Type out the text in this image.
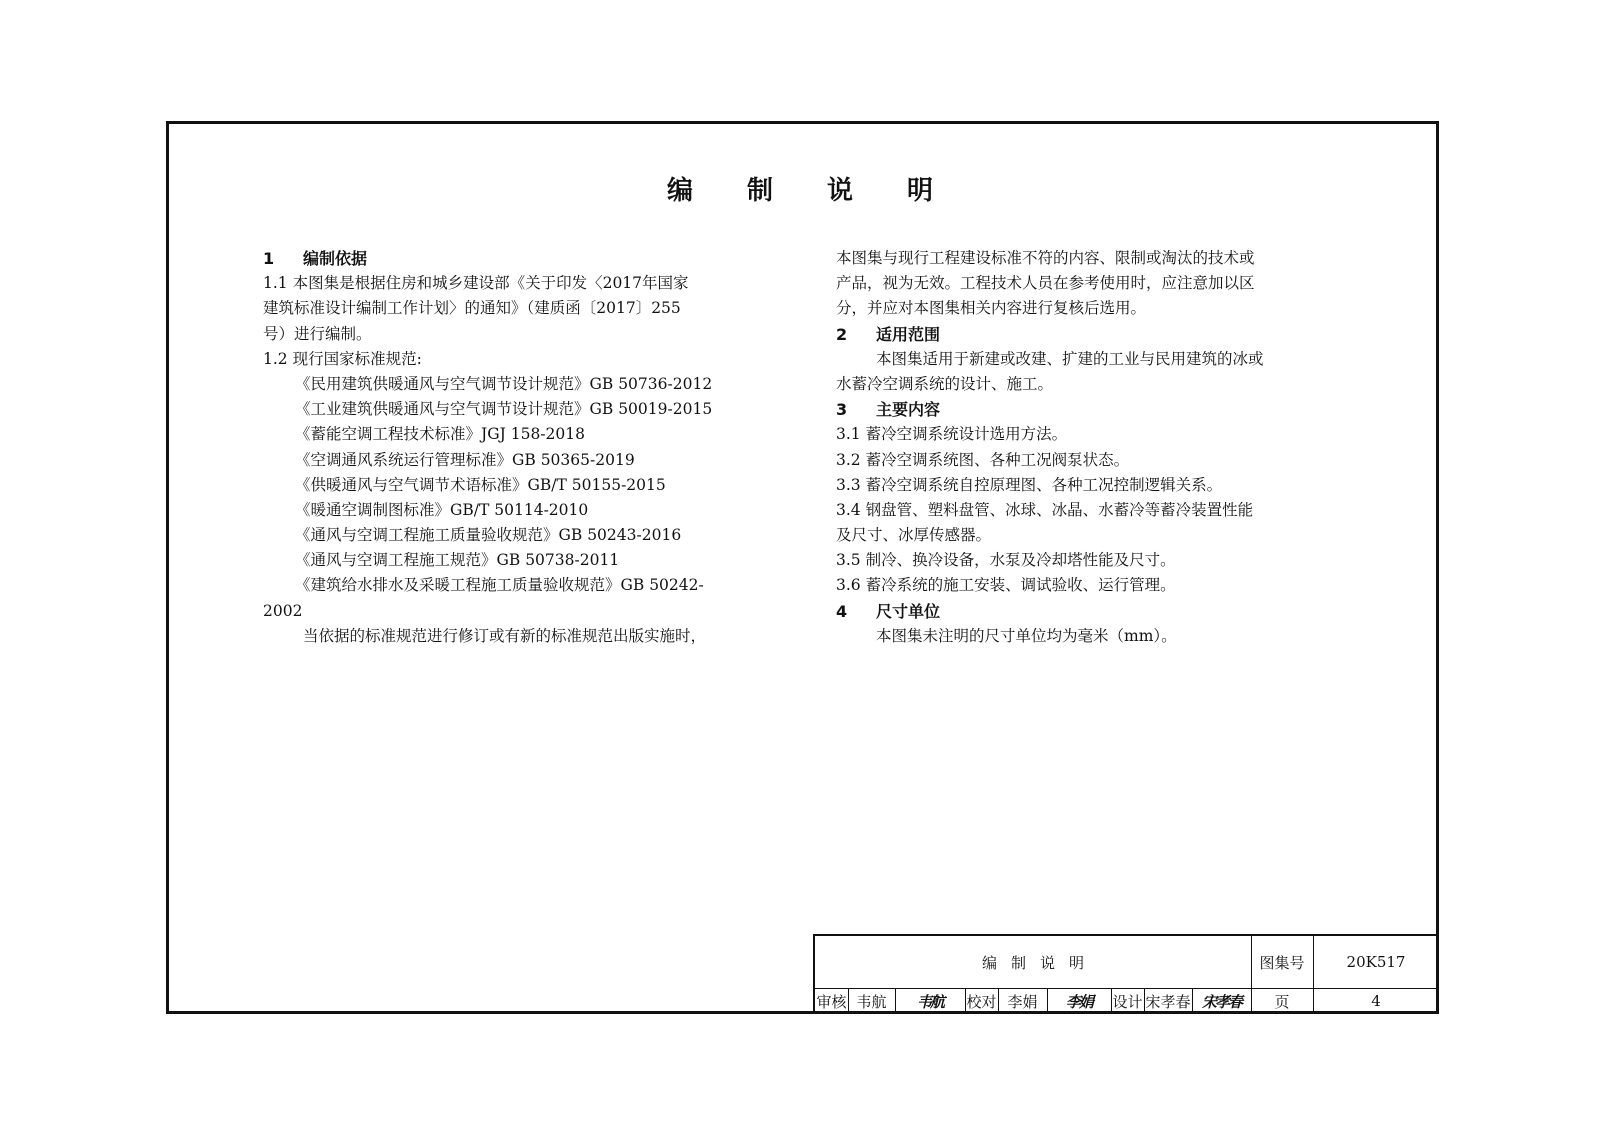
编 制 说 明
1 编制依据
1.1 本图集是根据住房和城乡建设部《关于印发〈2017年国家
建筑标准设计编制工作计划〉的通知》（建质函〔2017〕255
号）进行编制。
1.2 现行国家标准规范:
《民用建筑供暖通风与空气调节设计规范》GB 50736-2012
《工业建筑供暖通风与空气调节设计规范》GB 50019-2015
《蓄能空调工程技术标准》JGJ 158-2018
《空调通风系统运行管理标准》GB 50365-2019
《供暖通风与空气调节术语标准》GB/T 50155-2015
《暖通空调制图标准》GB/T 50114-2010
《通风与空调工程施工质量验收规范》GB 50243-2016
《通风与空调工程施工规范》GB 50738-2011
《建筑给水排水及采暖工程施工质量验收规范》GB 50242-
2002
当依据的标准规范进行修订或有新的标准规范出版实施时，
本图集与现行工程建设标准不符的内容、限制或淘汰的技术或
产品，视为无效。工程技术人员在参考使用时，应注意加以区
分，并应对本图集相关内容进行复核后选用。
2 适用范围
本图集适用于新建或改建、扩建的工业与民用建筑的冰或
水蓄冷空调系统的设计、施工。
3 主要内容
3.1 蓄冷空调系统设计选用方法。
3.2 蓄冷空调系统图、各种工况阀泵状态。
3.3 蓄冷空调系统自控原理图、各种工况控制逻辑关系。
3.4 钢盘管、塑料盘管、冰球、冰晶、水蓄冷等蓄冷装置性能
及尺寸、冰厚传感器。
3.5 制冷、换冷设备，水泵及冷却塔性能及尺寸。
3.6 蓄冷系统的施工安装、调试验收、运行管理。
4 尺寸单位
本图集未注明的尺寸单位均为毫米（mm）。
编 制 说 明	图集号	20K517
审核 韦航	韦航	校对 李娟	李娟	设计 宋孝春 宋孝春	页	4
